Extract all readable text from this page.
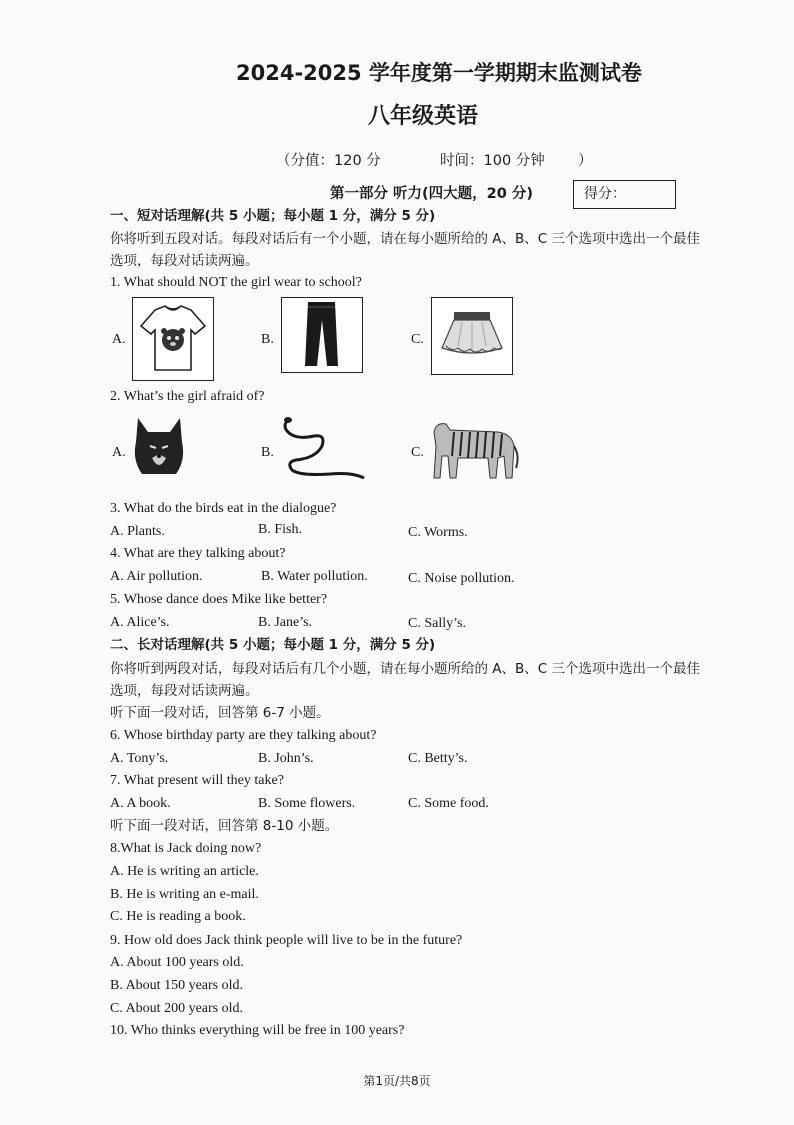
2024-2025 学年度第一学期期末监测试卷
八年级英语
（分值：120 分	时间：100 分钟 ）
第一部分 听力(四大题，20 分)	得分：
一、短对话理解(共 5 小题；每小题 1 分，满分 5 分)
你将听到五段对话。每段对话后有一个小题，请在每小题所给的 A、B、C 三个选项中选出一个最佳
选项，每段对话读两遍。
1. What should NOT the girl wear to school?
A.	B.	C.
2. What’s the girl afraid of?
A.	B.	C.
3. What do the birds eat in the dialogue?
A. Plants.	B. Fish.	C. Worms.
4. What are they talking about?
A. Air pollution.	B. Water pollution.	C. Noise pollution.
5. Whose dance does Mike like better?
A. Alice’s.	B. Jane’s.	C. Sally’s.
二、长对话理解(共 5 小题；每小题 1 分，满分 5 分)
你将听到两段对话，每段对话后有几个小题，请在每小题所给的 A、B、C 三个选项中选出一个最佳
选项，每段对话读两遍。
听下面一段对话，回答第 6-7 小题。
6. Whose birthday party are they talking about?
A. Tony’s.	B. John’s.	C. Betty’s.
7. What present will they take?
A. A book.	B. Some flowers.	C. Some food.
听下面一段对话，回答第 8-10 小题。
8.What is Jack doing now?
A. He is writing an article.
B. He is writing an e-mail.
C. He is reading a book.
9. How old does Jack think people will live to be in the future?
A. About 100 years old.
B. About 150 years old.
C. About 200 years old.
10. Who thinks everything will be free in 100 years?
第1页/共8页
